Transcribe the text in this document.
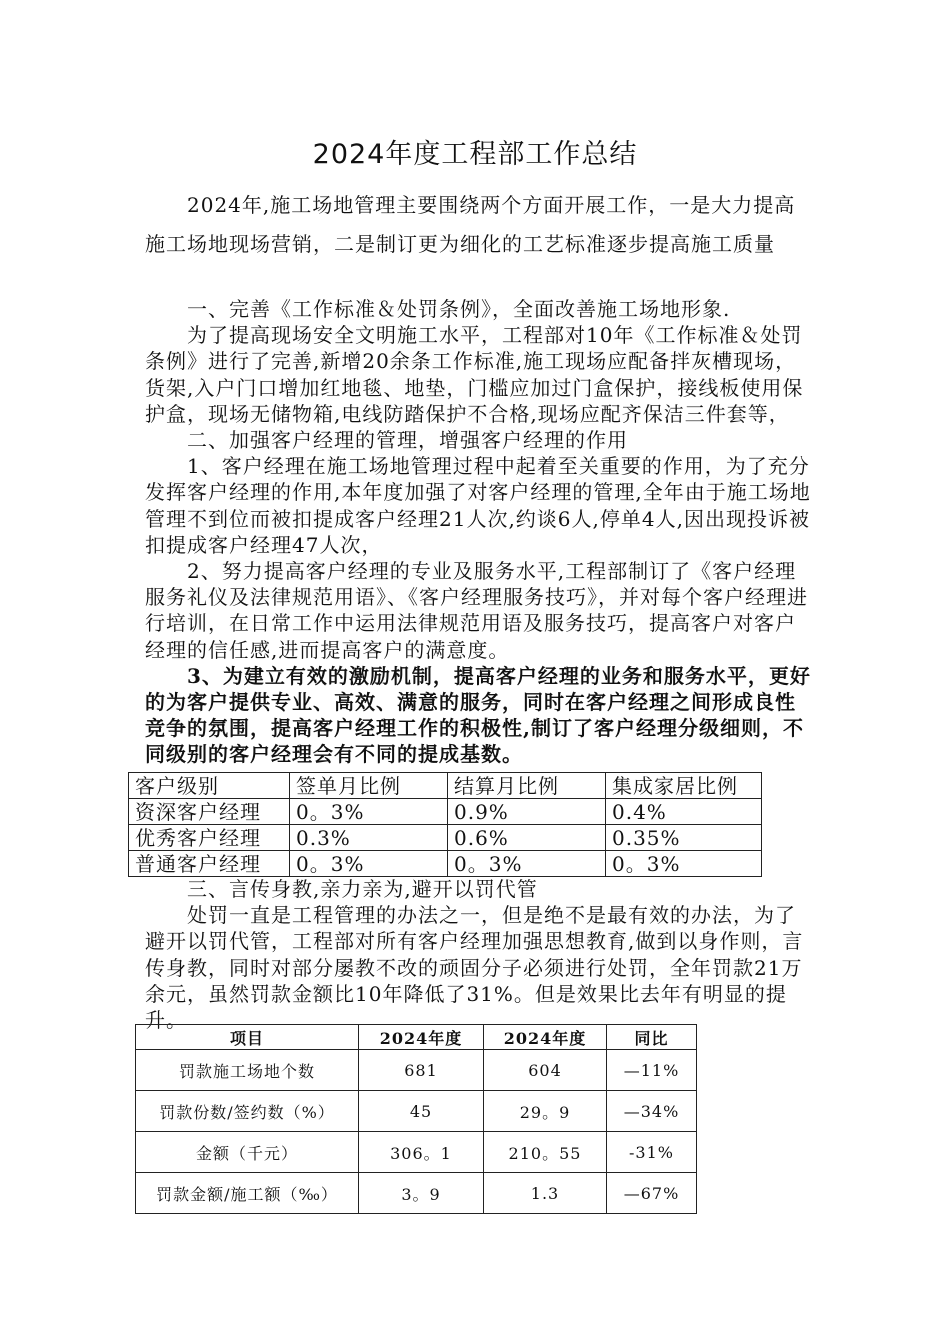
2024年度工程部工作总结

2024年,施工场地管理主要围绕两个方面开展工作，一是大力提高施工场地现场营销，二是制订更为细化的工艺标准逐步提高施工质量

一、完善《工作标准＆处罚条例》，全面改善施工场地形象.

为了提高现场安全文明施工水平，工程部对10年《工作标准＆处罚条例》进行了完善,新增20余条工作标准,施工现场应配备拌灰槽现场，货架,入户门口增加红地毯、地垫，门槛应加过门盒保护，接线板使用保护盒，现场无储物箱,电线防踏保护不合格,现场应配齐保洁三件套等，

二、加强客户经理的管理，增强客户经理的作用

1、客户经理在施工场地管理过程中起着至关重要的作用，为了充分发挥客户经理的作用,本年度加强了对客户经理的管理,全年由于施工场地管理不到位而被扣提成客户经理21人次,约谈6人,停单4人,因出现投诉被扣提成客户经理47人次，

2、努力提高客户经理的专业及服务水平,工程部制订了《客户经理服务礼仪及法律规范用语》、《客户经理服务技巧》，并对每个客户经理进行培训，在日常工作中运用法律规范用语及服务技巧，提高客户对客户经理的信任感,进而提高客户的满意度。

3、为建立有效的激励机制，提高客户经理的业务和服务水平，更好的为客户提供专业、高效、满意的服务，同时在客户经理之间形成良性竞争的氛围，提高客户经理工作的积极性,制订了客户经理分级细则，不同级别的客户经理会有不同的提成基数。

客户级别	签单月比例	结算月比例	集成家居比例
资深客户经理	0。3%	0.9%	0.4%
优秀客户经理	0.3%	0.6%	0.35%
普通客户经理	0。3%	0。3%	0。3%

三、言传身教,亲力亲为,避开以罚代管

处罚一直是工程管理的办法之一，但是绝不是最有效的办法，为了避开以罚代管，工程部对所有客户经理加强思想教育,做到以身作则，言传身教，同时对部分屡教不改的顽固分子必须进行处罚，全年罚款21万余元，虽然罚款金额比10年降低了31%。但是效果比去年有明显的提升。

项目	2024年度	2024年度	同比
罚款施工场地个数	681	604	—11%
罚款份数/签约数（%）	45	29。9	—34%
金额（千元）	306。1	210。55	-31%
罚款金额/施工额（‰）	3。9	1.3	—67%
